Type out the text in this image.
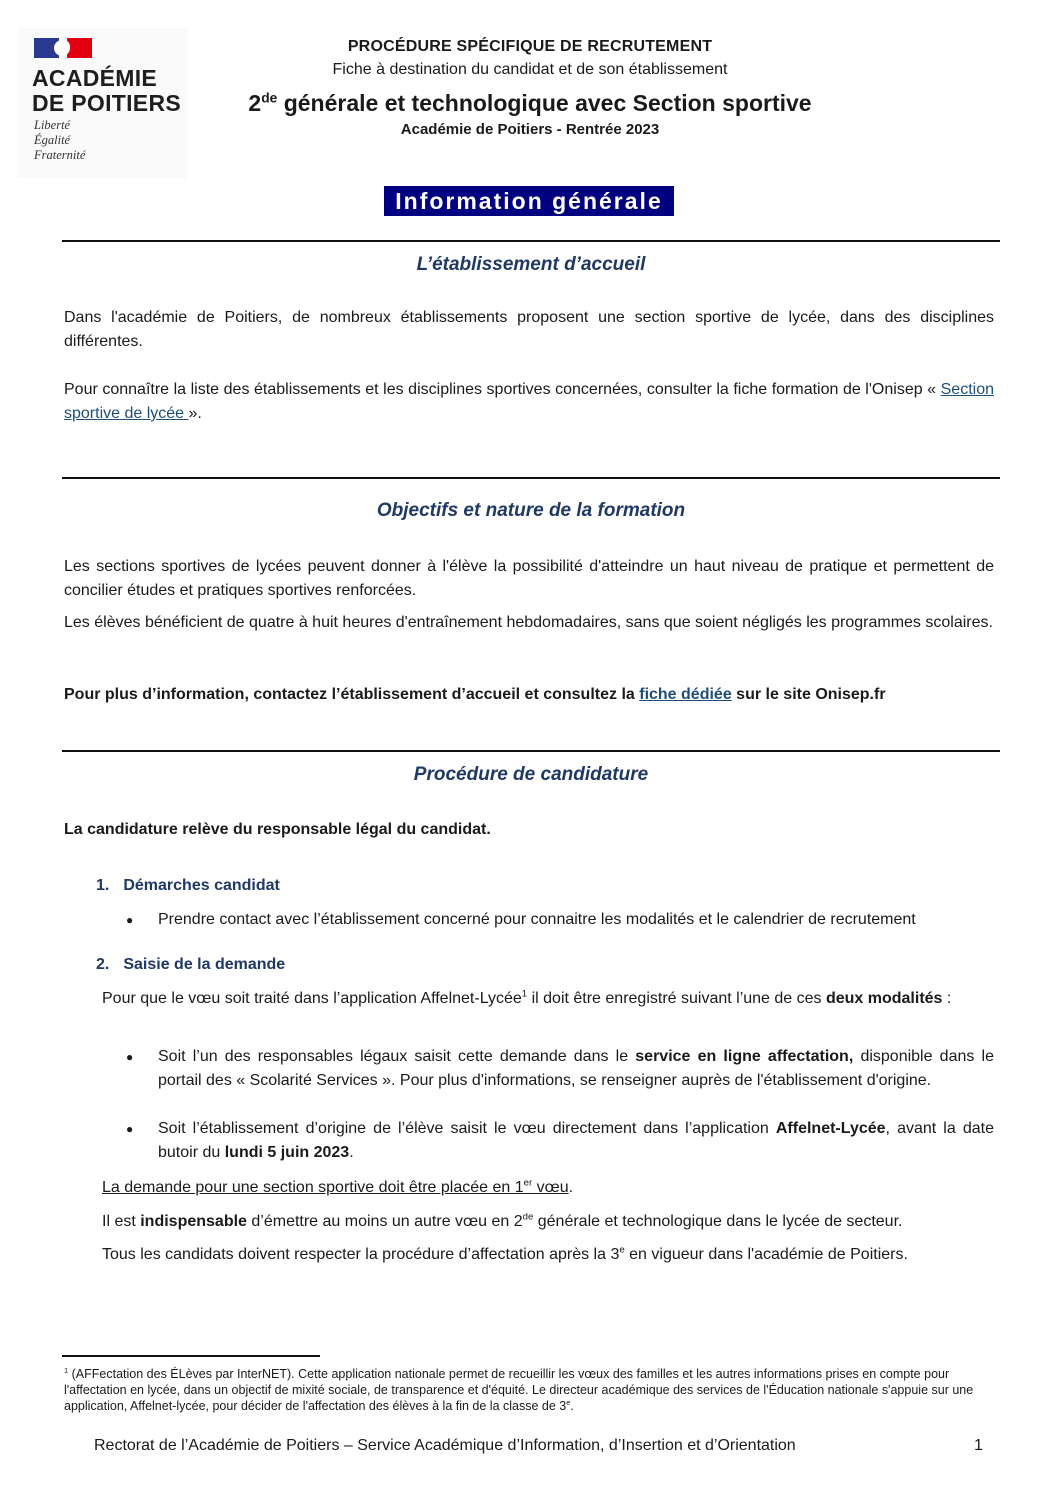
ACADÉMIE
DE POITIERS
Liberté
Égalité
Fraternité
PROCÉDURE SPÉCIFIQUE DE RECRUTEMENT
Fiche à destination du candidat et de son établissement
2de générale et technologique avec Section sportive
Académie de Poitiers - Rentrée 2023
Information générale
L’établissement d’accueil
Dans l'académie de Poitiers, de nombreux établissements proposent une section sportive de lycée, dans des disciplines différentes.
Pour connaître la liste des établissements et les disciplines sportives concernées, consulter la fiche formation de l'Onisep « Section sportive de lycée ».
Objectifs et nature de la formation
Les sections sportives de lycées peuvent donner à l'élève la possibilité d'atteindre un haut niveau de pratique et permettent de concilier études et pratiques sportives renforcées.
Les élèves bénéficient de quatre à huit heures d'entraînement hebdomadaires, sans que soient négligés les programmes scolaires.
Pour plus d’information, contactez l’établissement d’accueil et consultez la fiche dédiée sur le site Onisep.fr
Procédure de candidature
La candidature relève du responsable légal du candidat.
1. Démarches candidat
●	Prendre contact avec l’établissement concerné pour connaitre les modalités et le calendrier de recrutement
2. Saisie de la demande
Pour que le vœu soit traité dans l’application Affelnet-Lycée$^1$ il doit être enregistré suivant l’une de ces deux modalités :
●	Soit l’un des responsables légaux saisit cette demande dans le service en ligne affectation, disponible dans le portail des « Scolarité Services ». Pour plus d'informations, se renseigner auprès de l'établissement d'origine.
●	Soit l’établissement d’origine de l’élève saisit le vœu directement dans l’application Affelnet-Lycée, avant la date butoir du lundi 5 juin 2023.
La demande pour une section sportive doit être placée en 1er vœu.
Il est indispensable d’émettre au moins un autre vœu en 2de générale et technologique dans le lycée de secteur.
Tous les candidats doivent respecter la procédure d’affectation après la 3e en vigueur dans l'académie de Poitiers.
$^1$ (AFFectation des ÉLèves par InterNET). Cette application nationale permet de recueillir les vœux des familles et les autres informations prises en compte pour l'affectation en lycée, dans un objectif de mixité sociale, de transparence et d'équité. Le directeur académique des services de l'Éducation nationale s'appuie sur une application, Affelnet-lycée, pour décider de l'affectation des élèves à la fin de la classe de 3e.
Rectorat de l’Académie de Poitiers – Service Académique d’Information, d’Insertion et d’Orientation	1
